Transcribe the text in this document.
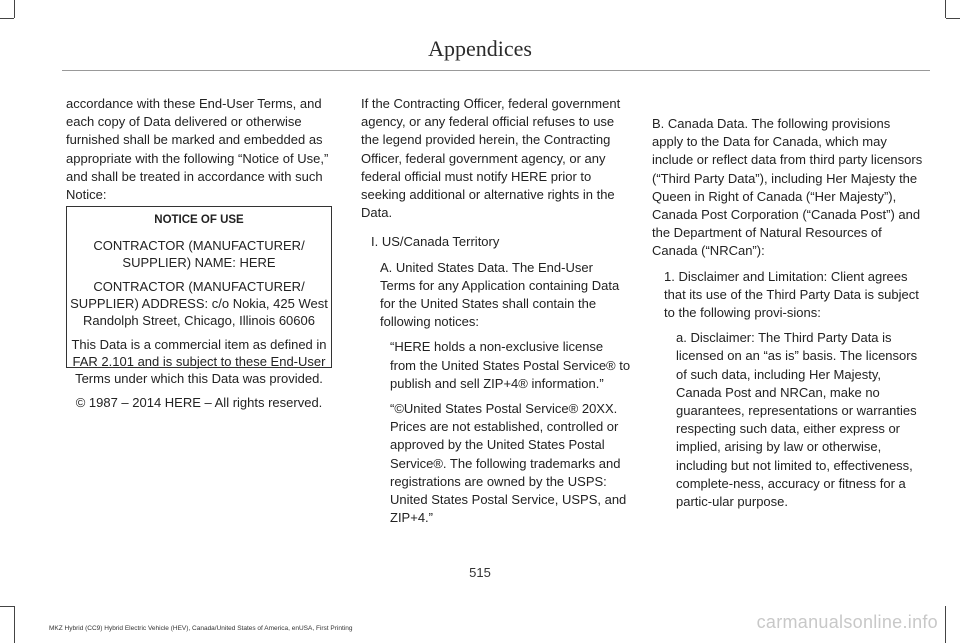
Appendices

accordance with these End-User Terms, and each copy of Data delivered or otherwise furnished shall be marked and embedded as appropriate with the following “Notice of Use,” and shall be treated in accordance with such Notice:

NOTICE OF USE

CONTRACTOR (MANUFACTURER/ SUPPLIER) NAME: HERE

CONTRACTOR (MANUFACTURER/ SUPPLIER) ADDRESS: c/o Nokia, 425 West Randolph Street, Chicago, Illinois 60606

This Data is a commercial item as defined in FAR 2.101 and is subject to these End-User Terms under which this Data was provided.

© 1987 – 2014 HERE – All rights reserved.

If the Contracting Officer, federal government agency, or any federal official refuses to use the legend provided herein, the Contracting Officer, federal government agency, or any federal official must notify HERE prior to seeking additional or alternative rights in the Data.

I. US/Canada Territory

A. United States Data. The End-User Terms for any Application containing Data for the United States shall contain the following notices:

“HERE holds a non-exclusive license from the United States Postal Service® to publish and sell ZIP+4® information.”

“©United States Postal Service® 20XX. Prices are not established, controlled or approved by the United States Postal Service®. The following trademarks and registrations are owned by the USPS: United States Postal Service, USPS, and ZIP+4.”

B. Canada Data. The following provisions apply to the Data for Canada, which may include or reflect data from third party licensors (“Third Party Data”), including Her Majesty the Queen in Right of Canada (“Her Majesty”), Canada Post Corporation (“Canada Post”) and the Department of Natural Resources of Canada (“NRCan”):

1. Disclaimer and Limitation: Client agrees that its use of the Third Party Data is subject to the following provi-sions:

a. Disclaimer: The Third Party Data is licensed on an “as is” basis. The licensors of such data, including Her Majesty, Canada Post and NRCan, make no guarantees, representations or warranties respecting such data, either express or implied, arising by law or otherwise, including but not limited to, effectiveness, complete-ness, accuracy or fitness for a partic-ular purpose.

515
MKZ Hybrid (CC9) Hybrid Electric Vehicle (HEV), Canada/United States of America, enUSA, First Printing	carmanualsonline.info
